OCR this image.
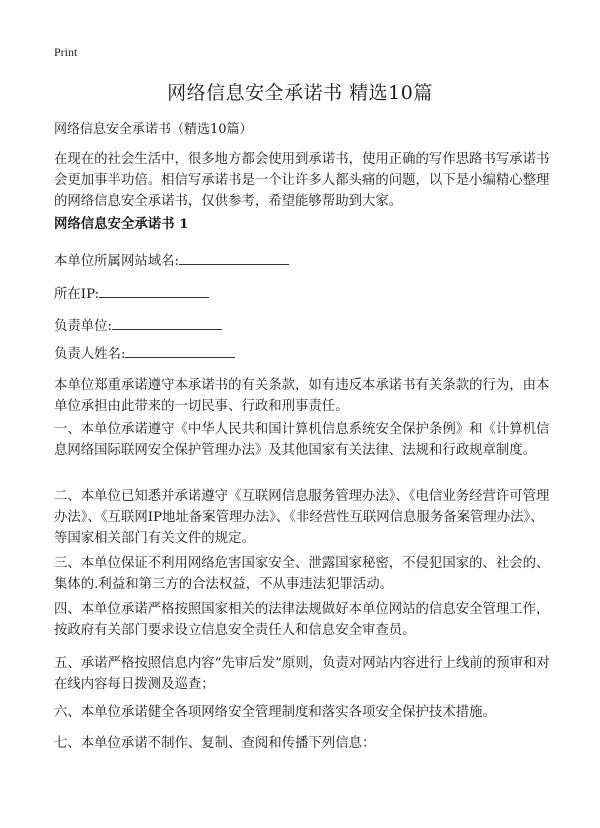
Print
网络信息安全承诺书 精选10篇
网络信息安全承诺书（精选10篇）
在现在的社会生活中，很多地方都会使用到承诺书，使用正确的写作思路书写承诺书会更加事半功倍。相信写承诺书是一个让许多人都头痛的问题，以下是小编精心整理的网络信息安全承诺书，仅供参考，希望能够帮助到大家。
网络信息安全承诺书 1
本单位所属网站域名:
所在IP:
负责单位:
负责人姓名:
本单位郑重承诺遵守本承诺书的有关条款，如有违反本承诺书有关条款的行为，由本单位承担由此带来的一切民事、行政和刑事责任。
一、本单位承诺遵守《中华人民共和国计算机信息系统安全保护条例》和《计算机信息网络国际联网安全保护管理办法》及其他国家有关法律、法规和行政规章制度。
二、本单位已知悉并承诺遵守《互联网信息服务管理办法》、《电信业务经营许可管理办法》、《互联网IP地址备案管理办法》、《非经营性互联网信息服务备案管理办法》、等国家相关部门有关文件的规定。
三、本单位保证不利用网络危害国家安全、泄露国家秘密，不侵犯国家的、社会的、集体的.利益和第三方的合法权益，不从事违法犯罪活动。
四、本单位承诺严格按照国家相关的法律法规做好本单位网站的信息安全管理工作，按政府有关部门要求设立信息安全责任人和信息安全审查员。
五、承诺严格按照信息内容“先审后发”原则，负责对网站内容进行上线前的预审和对在线内容每日拨测及巡查；
六、本单位承诺健全各项网络安全管理制度和落实各项安全保护技术措施。
七、本单位承诺不制作、复制、查阅和传播下列信息：
